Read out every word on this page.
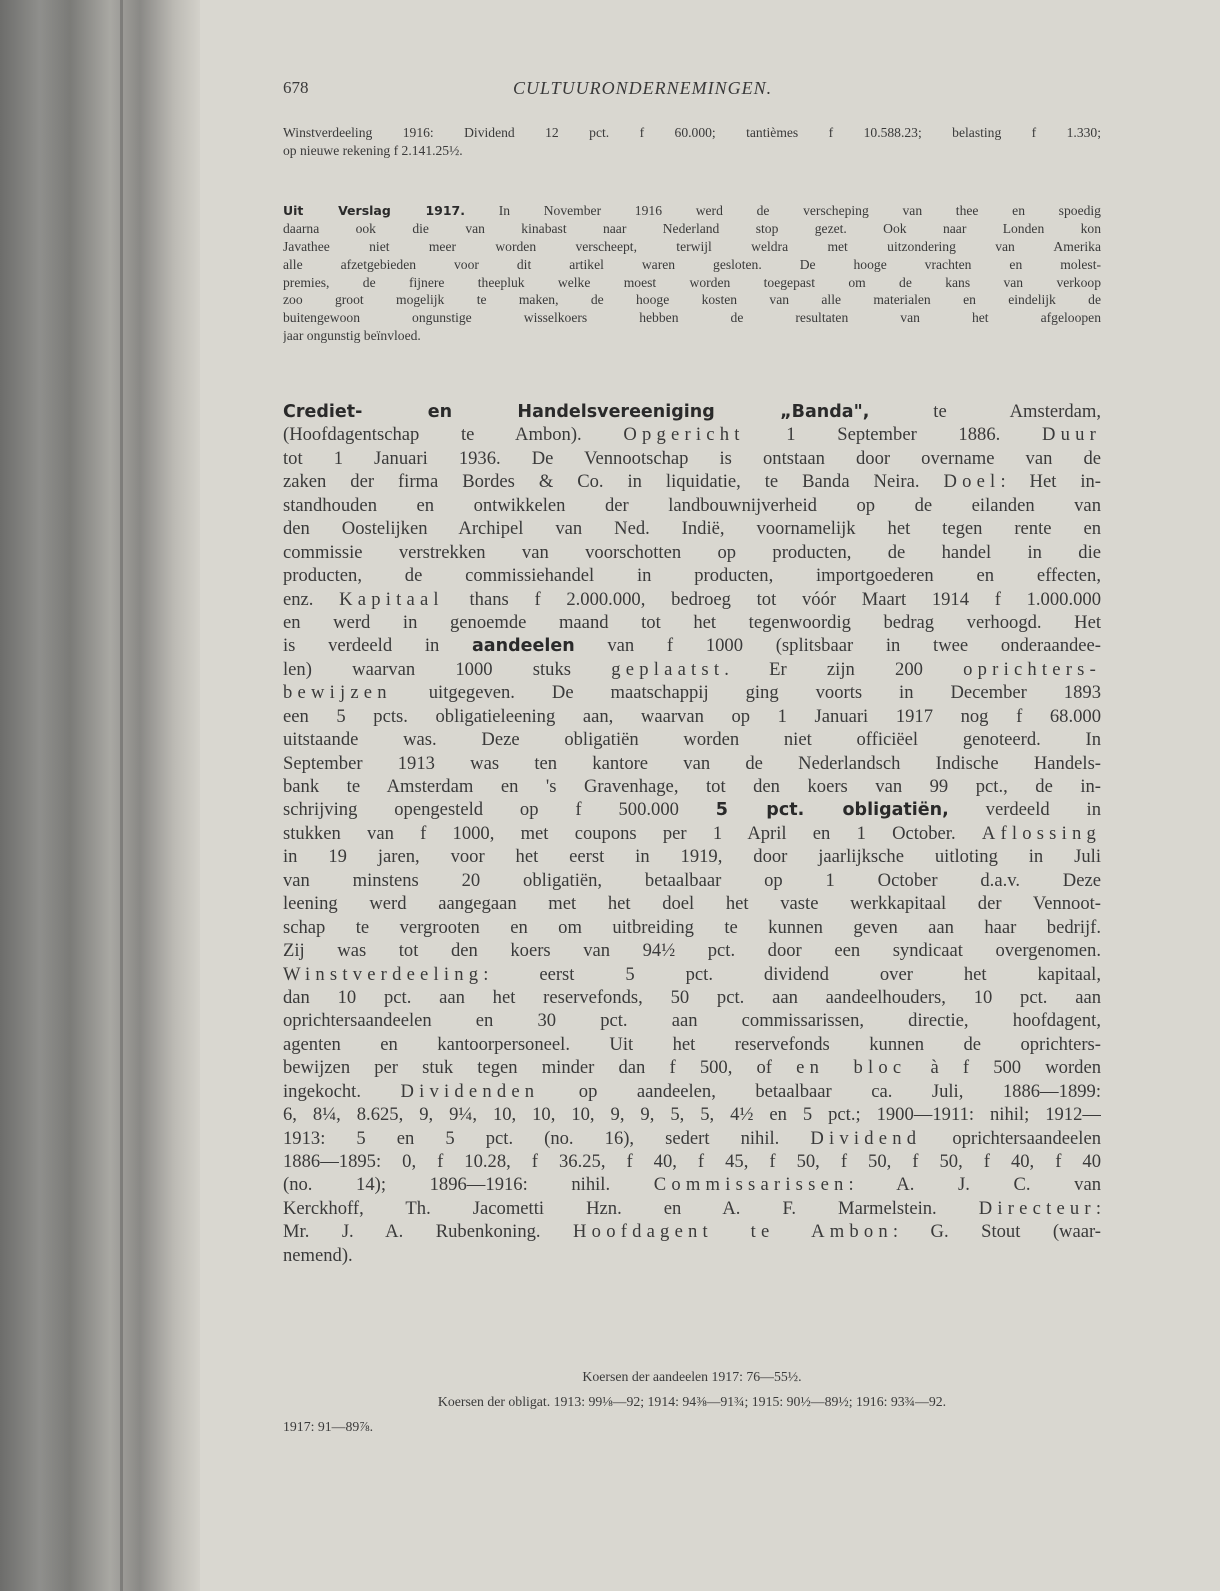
678	CULTUURONDERNEMINGEN.
Winstverdeeling 1916: Dividend 12 pct. f 60.000; tantièmes f 10.588.23; belasting f 1.330;
op nieuwe rekening f 2.141.25½.
Uit Verslag 1917. In November 1916 werd de verscheping van thee en spoedig
daarna ook die van kinabast naar Nederland stop gezet. Ook naar Londen kon
Javathee niet meer worden verscheept, terwijl weldra met uitzondering van Amerika
alle afzetgebieden voor dit artikel waren gesloten. De hooge vrachten en molest-
premies, de fijnere theepluk welke moest worden toegepast om de kans van verkoop
zoo groot mogelijk te maken, de hooge kosten van alle materialen en eindelijk de
buitengewoon ongunstige wisselkoers hebben de resultaten van het afgeloopen
jaar ongunstig beïnvloed.
Crediet- en Handelsvereeniging „Banda", te Amsterdam,
(Hoofdagentschap te Ambon). Opgericht 1 September 1886. Duur
tot 1 Januari 1936. De Vennootschap is ontstaan door overname van de
zaken der firma Bordes & Co. in liquidatie, te Banda Neira. Doel: Het in-
standhouden en ontwikkelen der landbouwnijverheid op de eilanden van
den Oostelijken Archipel van Ned. Indië, voornamelijk het tegen rente en
commissie verstrekken van voorschotten op producten, de handel in die
producten, de commissiehandel in producten, importgoederen en effecten,
enz. Kapitaal thans f 2.000.000, bedroeg tot vóór Maart 1914 f 1.000.000
en werd in genoemde maand tot het tegenwoordig bedrag verhoogd. Het
is verdeeld in aandeelen van f 1000 (splitsbaar in twee onderaandee-
len) waarvan 1000 stuks geplaatst. Er zijn 200 oprichters-
bewijzen uitgegeven. De maatschappij ging voorts in December 1893
een 5 pcts. obligatieleening aan, waarvan op 1 Januari 1917 nog f 68.000
uitstaande was. Deze obligatiën worden niet officiëel genoteerd. In
September 1913 was ten kantore van de Nederlandsch Indische Handels-
bank te Amsterdam en 's Gravenhage, tot den koers van 99 pct., de in-
schrijving opengesteld op f 500.000 5 pct. obligatiën, verdeeld in
stukken van f 1000, met coupons per 1 April en 1 October. Aflossing
in 19 jaren, voor het eerst in 1919, door jaarlijksche uitloting in Juli
van minstens 20 obligatiën, betaalbaar op 1 October d.a.v. Deze
leening werd aangegaan met het doel het vaste werkkapitaal der Vennoot-
schap te vergrooten en om uitbreiding te kunnen geven aan haar bedrijf.
Zij was tot den koers van 94½ pct. door een syndicaat overgenomen.
Winstverdeeling: eerst 5 pct. dividend over het kapitaal,
dan 10 pct. aan het reservefonds, 50 pct. aan aandeelhouders, 10 pct. aan
oprichtersaandeelen en 30 pct. aan commissarissen, directie, hoofdagent,
agenten en kantoorpersoneel. Uit het reservefonds kunnen de oprichters-
bewijzen per stuk tegen minder dan f 500, of en bloc à f 500 worden
ingekocht. Dividenden op aandeelen, betaalbaar ca. Juli, 1886—1899:
6, 8¼, 8.625, 9, 9¼, 10, 10, 10, 9, 9, 5, 5, 4½ en 5 pct.; 1900—1911: nihil; 1912—
1913: 5 en 5 pct. (no. 16), sedert nihil. Dividend oprichtersaandeelen
1886—1895: 0, f 10.28, f 36.25, f 40, f 45, f 50, f 50, f 50, f 40, f 40
(no. 14); 1896—1916: nihil. Commissarissen: A. J. C. van
Kerckhoff, Th. Jacometti Hzn. en A. F. Marmelstein. Directeur:
Mr. J. A. Rubenkoning. Hoofdagent te Ambon: G. Stout (waar-
nemend).
Koersen der aandeelen 1917: 76—55½.
Koersen der obligat. 1913: 99⅛—92; 1914: 94⅜—91¾; 1915: 90½—89½; 1916: 93¾—92.
1917: 91—89⅞.
